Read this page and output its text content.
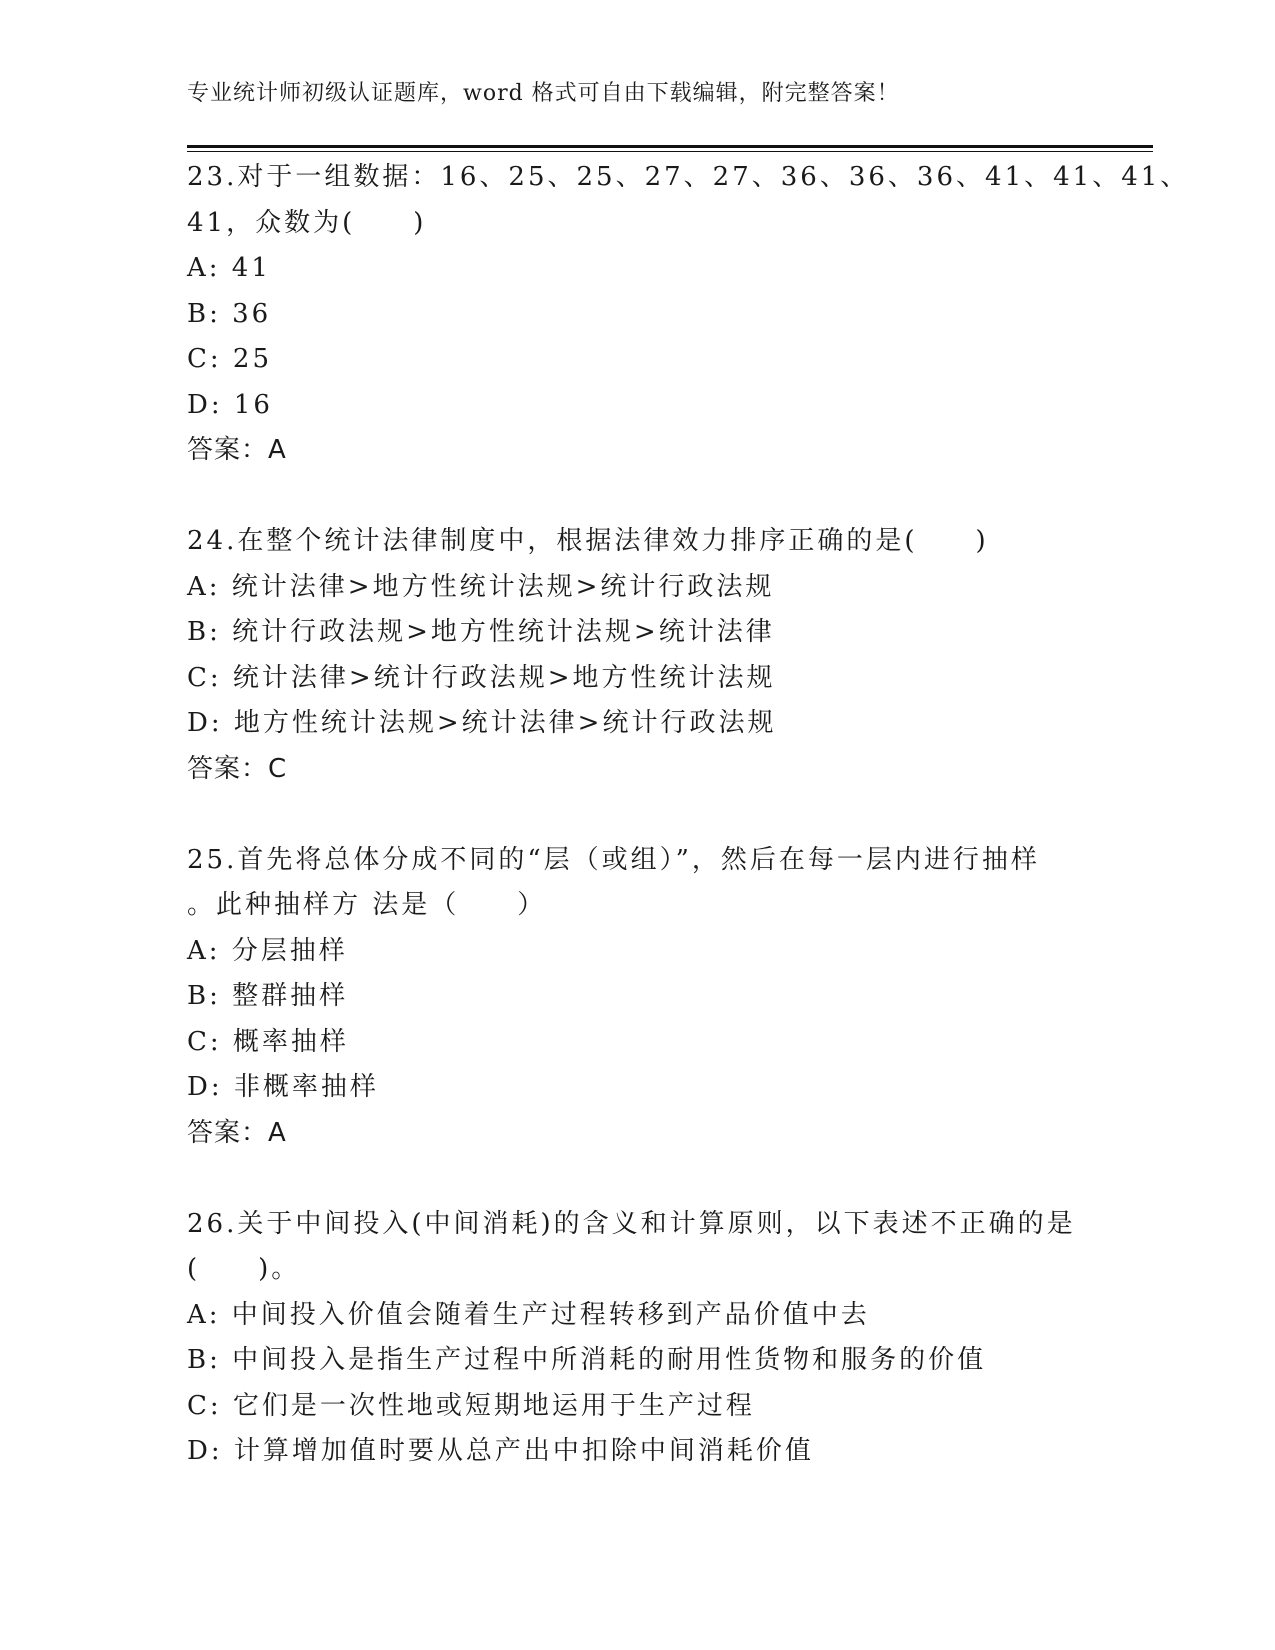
专业统计师初级认证题库，word 格式可自由下载编辑，附完整答案！
23.对于一组数据：16、25、25、27、27、36、36、36、41、41、41、
41，众数为(　　)
A: 41
B: 36
C: 25
D: 16
答案：A
24.在整个统计法律制度中，根据法律效力排序正确的是(　　)
A: 统计法律>地方性统计法规>统计行政法规
B: 统计行政法规>地方性统计法规>统计法律
C: 统计法律>统计行政法规>地方性统计法规
D: 地方性统计法规>统计法律>统计行政法规
答案：C
25.首先将总体分成不同的“层（或组）”，然后在每一层内进行抽样
。此种抽样方 法是（　　）
A: 分层抽样
B: 整群抽样
C: 概率抽样
D: 非概率抽样
答案：A
26.关于中间投入(中间消耗)的含义和计算原则，以下表述不正确的是
(　　)。
A: 中间投入价值会随着生产过程转移到产品价值中去
B: 中间投入是指生产过程中所消耗的耐用性货物和服务的价值
C: 它们是一次性地或短期地运用于生产过程
D: 计算增加值时要从总产出中扣除中间消耗价值
